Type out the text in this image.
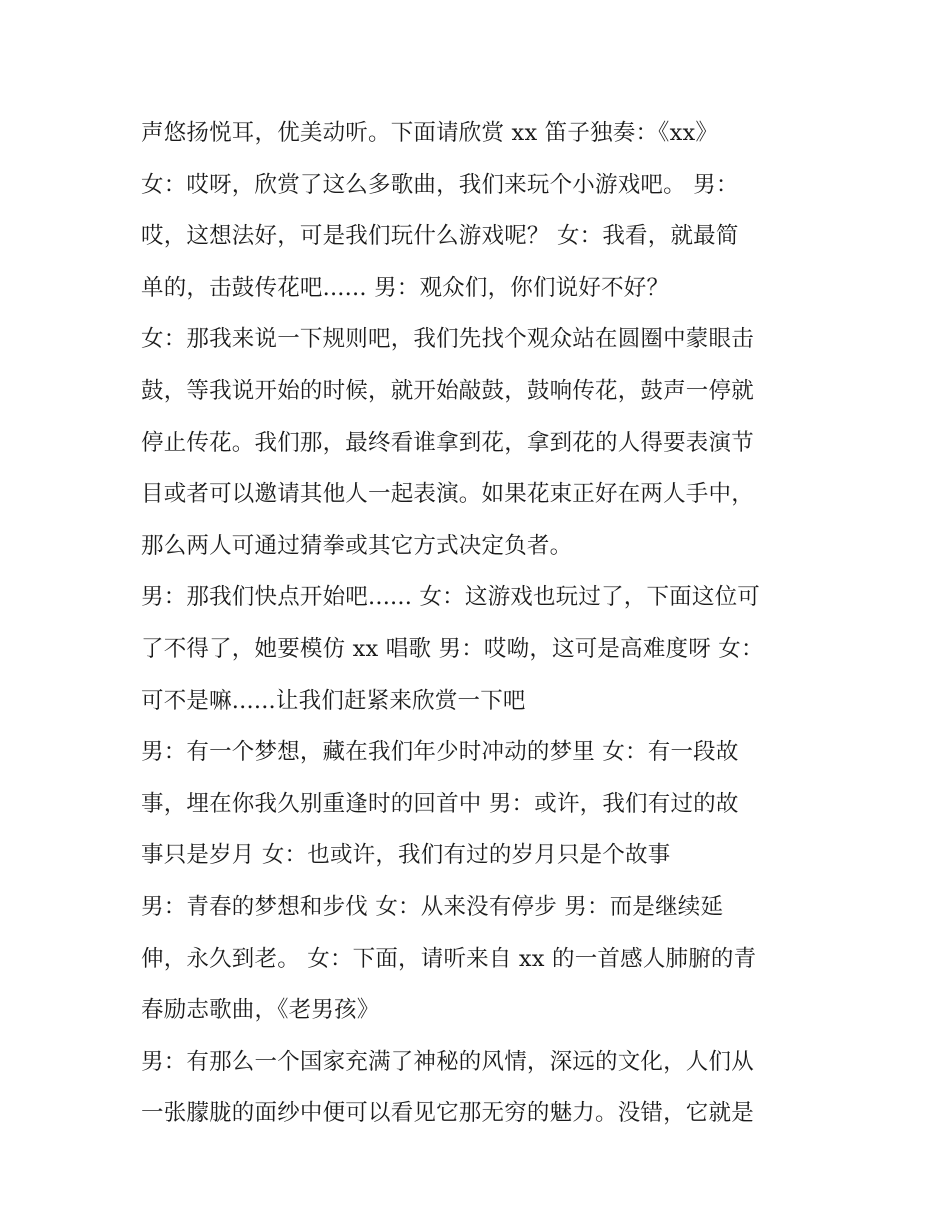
声悠扬悦耳，优美动听。下面请欣赏 xx 笛子独奏：《xx》
女：哎呀，欣赏了这么多歌曲，我们来玩个小游戏吧。 男：
哎，这想法好，可是我们玩什么游戏呢？ 女：我看，就最简
单的，击鼓传花吧...... 男：观众们，你们说好不好？
女：那我来说一下规则吧，我们先找个观众站在圆圈中蒙眼击
鼓，等我说开始的时候，就开始敲鼓，鼓响传花，鼓声一停就
停止传花。我们那，最终看谁拿到花，拿到花的人得要表演节
目或者可以邀请其他人一起表演。如果花束正好在两人手中，
那么两人可通过猜拳或其它方式决定负者。
男：那我们快点开始吧...... 女：这游戏也玩过了，下面这位可
了不得了，她要模仿 xx 唱歌 男：哎呦，这可是高难度呀 女：
可不是嘛......让我们赶紧来欣赏一下吧
男：有一个梦想，藏在我们年少时冲动的梦里 女：有一段故
事，埋在你我久别重逢时的回首中 男：或许，我们有过的故
事只是岁月 女：也或许，我们有过的岁月只是个故事
男：青春的梦想和步伐 女：从来没有停步 男：而是继续延
伸，永久到老。 女：下面，请听来自 xx 的一首感人肺腑的青
春励志歌曲，《老男孩》
男：有那么一个国家充满了神秘的风情，深远的文化，人们从
一张朦胧的面纱中便可以看见它那无穷的魅力。没错，它就是
